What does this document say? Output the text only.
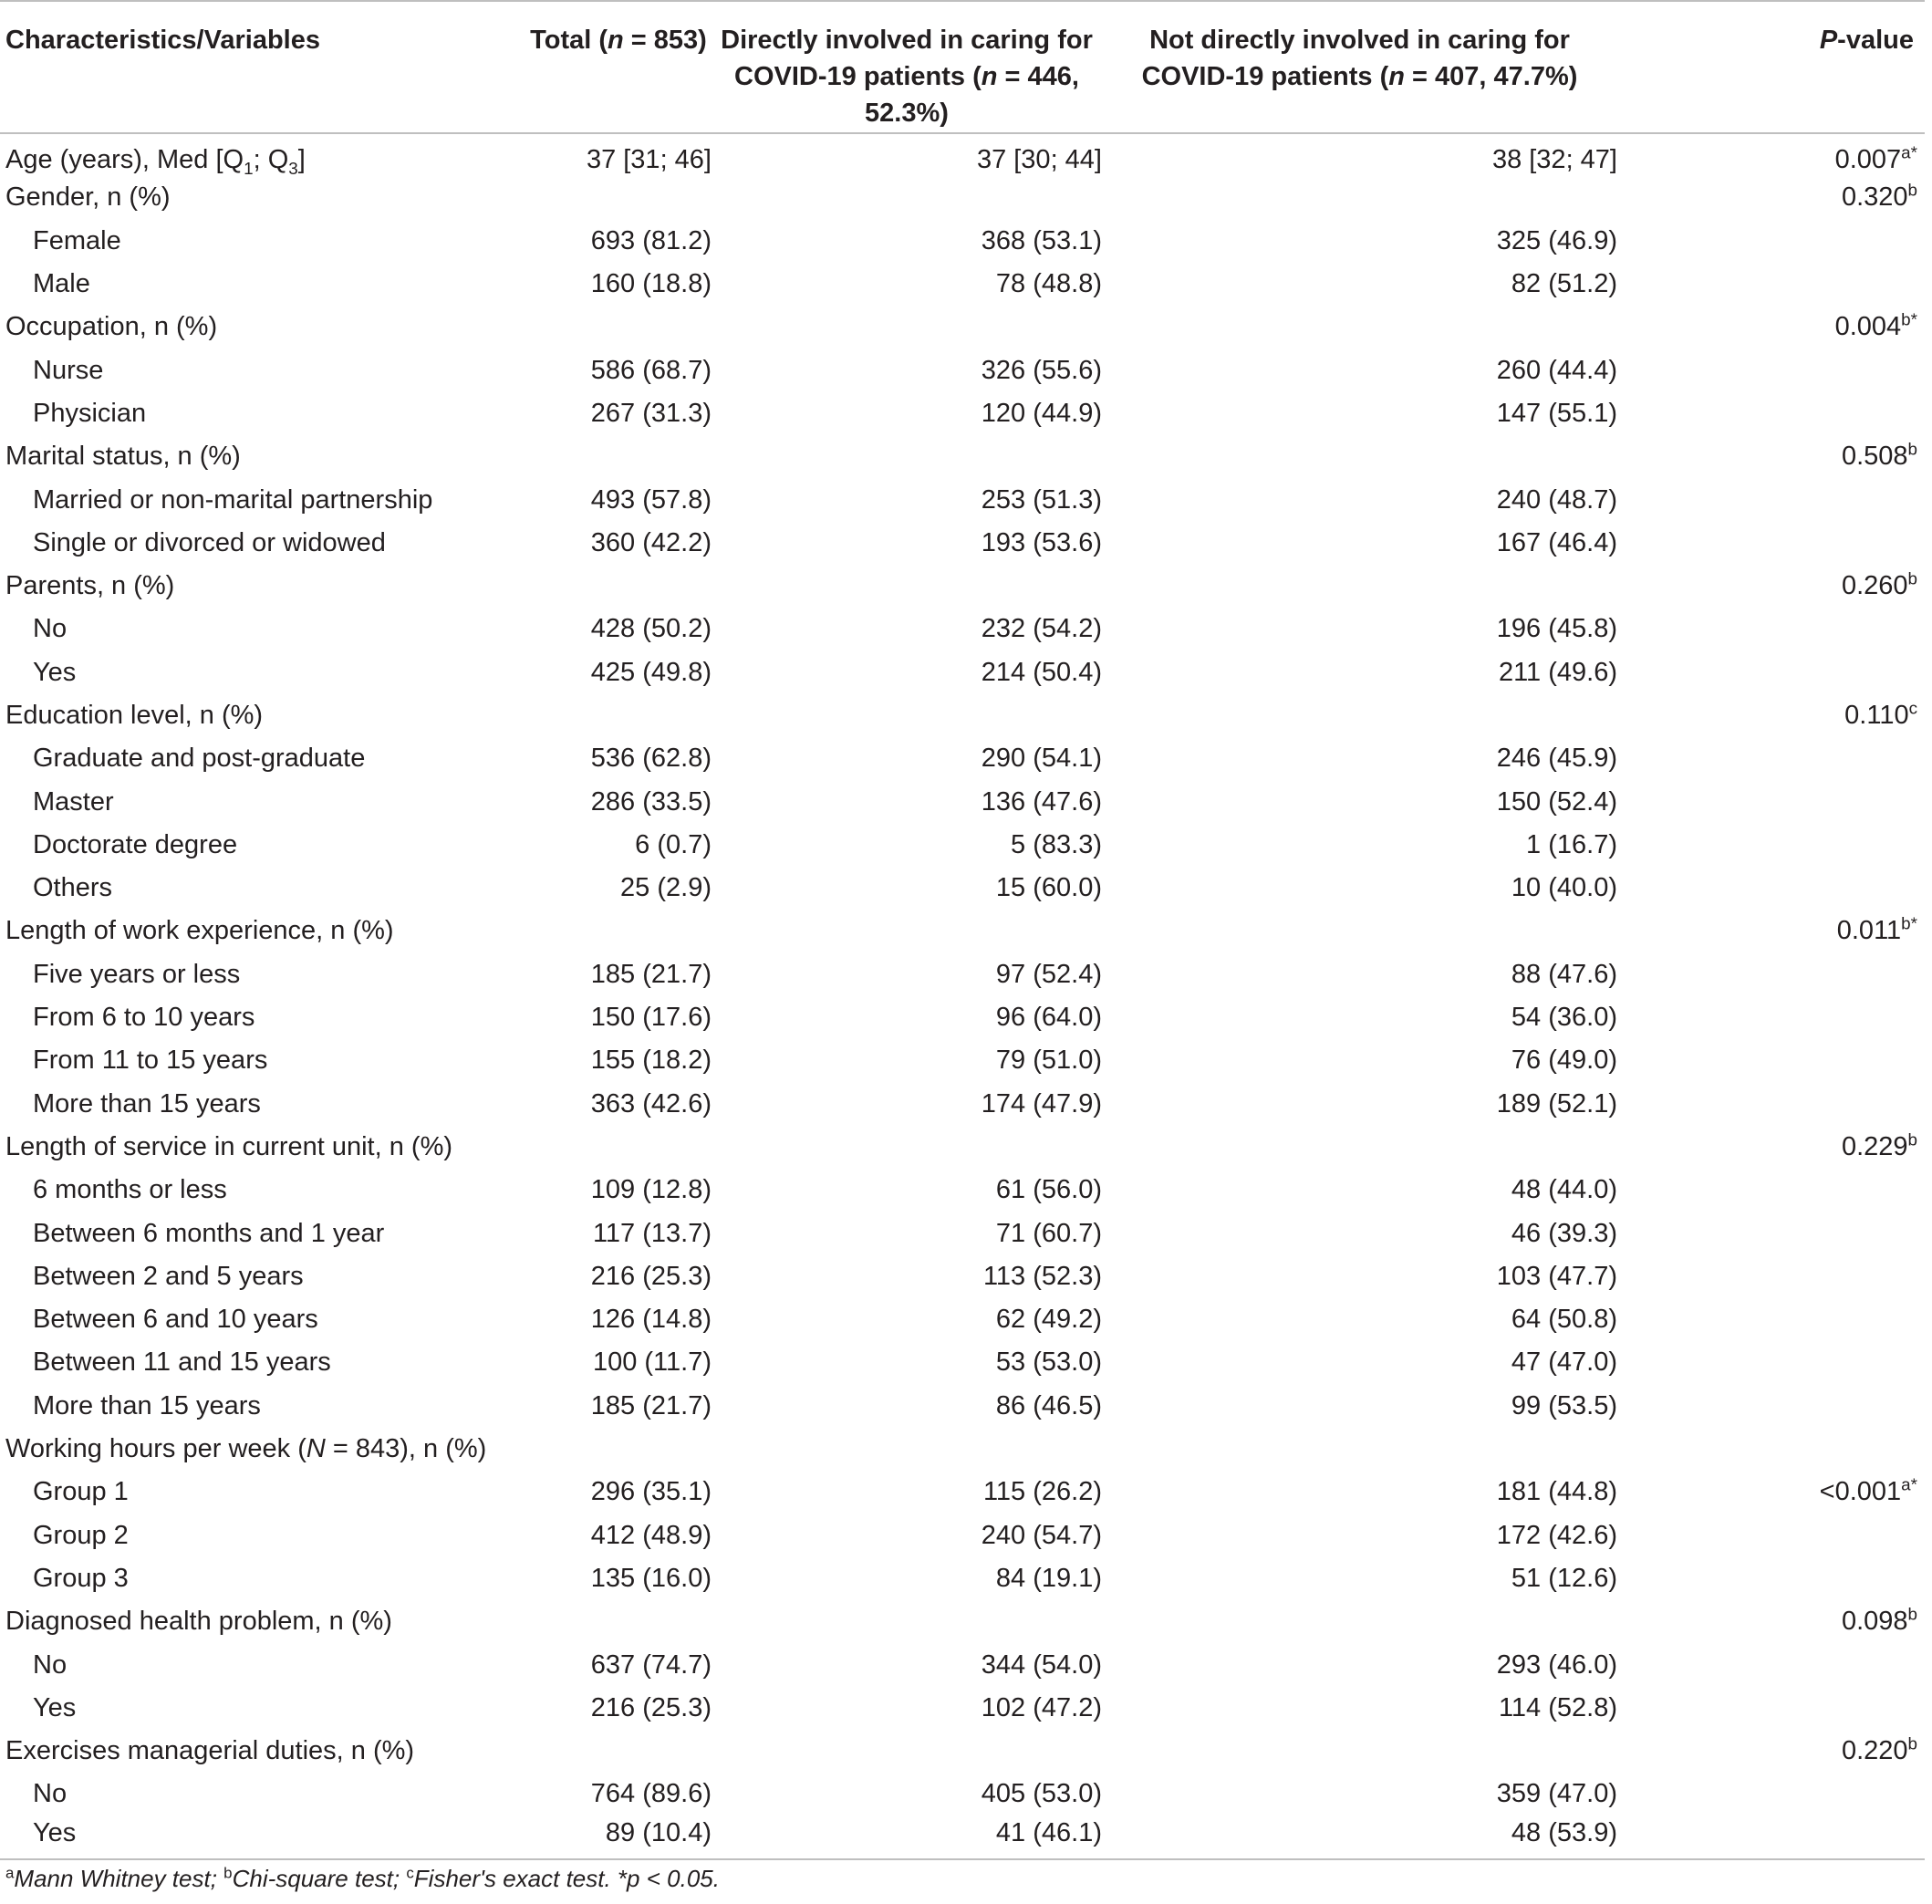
Characteristics/Variables	Total (n = 853)	Directly involved in caring for
COVID-19 patients (n = 446, 52.3%)	Not directly involved in caring for
COVID-19 patients (n = 407, 47.7%)	P-value
Age (years), Med [$Q_1$; $Q_3$]	37 [31; 46]	37 [30; 44]	38 [32; 47]	$0.007^{a*}$
Gender, n (%)				0.320$^b$
Female	693 (81.2)	368 (53.1)	325 (46.9)	
Male	160 (18.8)	78 (48.8)	82 (51.2)	
Occupation, n (%)				$0.004^{b*}$
Nurse	586 (68.7)	326 (55.6)	260 (44.4)	
Physician	267 (31.3)	120 (44.9)	147 (55.1)	
Marital status, n (%)				0.508$^b$
Married or non-marital partnership	493 (57.8)	253 (51.3)	240 (48.7)	
Single or divorced or widowed	360 (42.2)	193 (53.6)	167 (46.4)	
Parents, n (%)				0.260$^b$
No	428 (50.2)	232 (54.2)	196 (45.8)	
Yes	425 (49.8)	214 (50.4)	211 (49.6)	
Education level, n (%)				0.110$^c$
Graduate and post-graduate	536 (62.8)	290 (54.1)	246 (45.9)	
Master	286 (33.5)	136 (47.6)	150 (52.4)	
Doctorate degree	6 (0.7)	5 (83.3)	1 (16.7)	
Others	25 (2.9)	15 (60.0)	10 (40.0)	
Length of work experience, n (%)				$0.011^{b*}$
Five years or less	185 (21.7)	97 (52.4)	88 (47.6)	
From 6 to 10 years	150 (17.6)	96 (64.0)	54 (36.0)	
From 11 to 15 years	155 (18.2)	79 (51.0)	76 (49.0)	
More than 15 years	363 (42.6)	174 (47.9)	189 (52.1)	
Length of service in current unit, n (%)				0.229$^b$
6 months or less	109 (12.8)	61 (56.0)	48 (44.0)	
Between 6 months and 1 year	117 (13.7)	71 (60.7)	46 (39.3)	
Between 2 and 5 years	216 (25.3)	113 (52.3)	103 (47.7)	
Between 6 and 10 years	126 (14.8)	62 (49.2)	64 (50.8)	
Between 11 and 15 years	100 (11.7)	53 (53.0)	47 (47.0)	
More than 15 years	185 (21.7)	86 (46.5)	99 (53.5)	
Working hours per week (N = 843), n (%)				
Group 1	296 (35.1)	115 (26.2)	181 (44.8)	$<0.001^{a*}$
Group 2	412 (48.9)	240 (54.7)	172 (42.6)	
Group 3	135 (16.0)	84 (19.1)	51 (12.6)	
Diagnosed health problem, n (%)				0.098$^b$
No	637 (74.7)	344 (54.0)	293 (46.0)	
Yes	216 (25.3)	102 (47.2)	114 (52.8)	
Exercises managerial duties, n (%)				0.220$^b$
No	764 (89.6)	405 (53.0)	359 (47.0)	
Yes	89 (10.4)	41 (46.1)	48 (53.9)	
$^a$Mann Whitney test; $^b$Chi-square test; $^c$Fisher's exact test. *p < 0.05.
